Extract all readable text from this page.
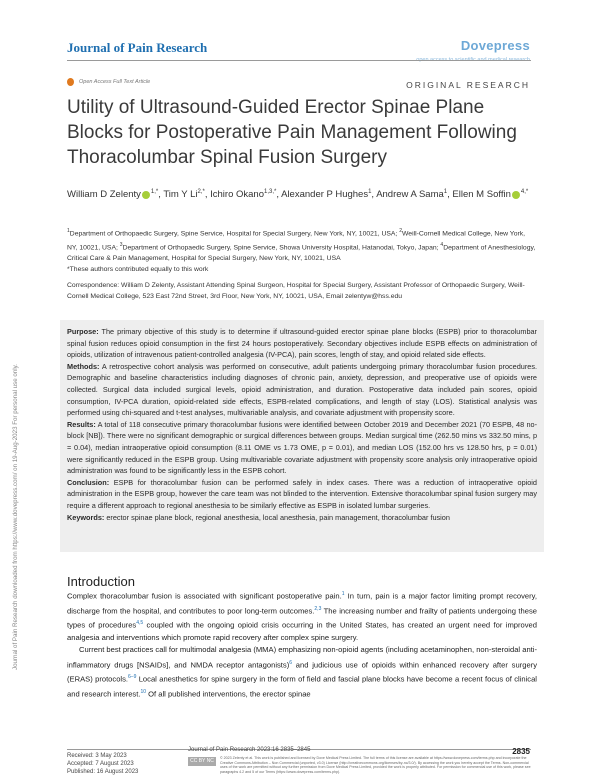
Journal of Pain Research	Dovepress
open access to scientific and medical research
Open Access Full Text Article	ORIGINAL RESEARCH
Utility of Ultrasound-Guided Erector Spinae Plane Blocks for Postoperative Pain Management Following Thoracolumbar Spinal Fusion Surgery
William D Zelenty $^{1,*}$, Tim Y $Li^{2,*}$, Ichiro Okano$^{1,3,*}$, Alexander P Hughes$^1$, Andrew A Sama$^1$, Ellen M Soffin $^{4,*}$
$^1$Department of Orthopaedic Surgery, Spine Service, Hospital for Special Surgery, New York, NY, 10021, USA; $^2$Weill-Cornell Medical College, New York, NY, 10021, USA; $^3$Department of Orthopaedic Surgery, Spine Service, Showa University Hospital, Hatanodai, Tokyo, Japan; $^4$Department of Anesthesiology, Critical Care & Pain Management, Hospital for Special Surgery, New York, NY, 10021, USA
*These authors contributed equally to this work
Correspondence: William D Zelenty, Assistant Attending Spinal Surgeon, Hospital for Special Surgery, Assistant Professor of Orthopaedic Surgery, Weill-Cornell Medical College, 523 East 72nd Street, 3rd Floor, New York, NY, 10021, USA, Email zelentyw@hss.edu

Purpose: The primary objective of this study is to determine if ultrasound-guided erector spinae plane blocks (ESPB) prior to thoracolumbar spinal fusion reduces opioid consumption in the first 24 hours postoperatively. Secondary objectives include ESPB effects on administration of opioids, utilization of intravenous patient-controlled analgesia (IV-PCA), pain scores, length of stay, and opioid related side effects.

Methods: A retrospective cohort analysis was performed on consecutive, adult patients undergoing primary thoracolumbar fusion procedures. Demographic and baseline characteristics including diagnoses of chronic pain, anxiety, depression, and preoperative use of opioids were collected. Surgical data included surgical levels, opioid administration, and duration. Postoperative data included pain scores, opioid consumption, IV-PCA duration, opioid-related side effects, ESPB-related complications, and length of stay (LOS). Statistical analysis was performed using chi-squared and t-test analyses, multivariable analysis, and covariate adjustment with propensity score.

Results: A total of 118 consecutive primary thoracolumbar fusions were identified between October 2019 and December 2021 (70 ESPB, 48 no-block [NB]). There were no significant demographic or surgical differences between groups. Median surgical time (262.50 mins vs 332.50 mins, p = 0.04), median intraoperative opioid consumption (8.11 OME vs 1.73 OME, p = 0.01), and median LOS (152.00 hrs vs 128.50 hrs, p = 0.01) were significantly reduced in the ESPB group. Using multivariable covariate adjustment with propensity score analysis only intraoperative opioid administration was found to be significantly less in the ESPB cohort.

Conclusion: ESPB for thoracolumbar fusion can be performed safely in index cases. There was a reduction of intraoperative opioid administration in the ESPB group, however the care team was not blinded to the intervention. Extensive thoracolumbar spinal fusion surgery may require a different approach to regional anesthesia to be similarly effective as ESPB in isolated lumbar surgeries.

Keywords: erector spinae plane block, regional anesthesia, local anesthesia, pain management, thoracolumbar fusion

Introduction

Complex thoracolumbar fusion is associated with significant postoperative pain.$^1$ In turn, pain is a major factor limiting prompt recovery, discharge from the hospital, and contributes to poor long-term outcomes.$^{2,3}$ The increasing number and frailty of patients undergoing these types of procedures$^{4,5}$ coupled with the ongoing opioid crisis occurring in the United States, has created an urgent need for improved analgesia and interventions which promote rapid recovery after complex spine surgery.

Current best practices call for multimodal analgesia (MMA) emphasizing non-opioid agents (including acetaminophen, non-steroidal anti-inflammatory drugs [NSAIDs], and NMDA receptor antagonists)$^6$ and judicious use of opioids within enhanced recovery after surgery (ERAS) protocols.$^{6-9}$ Local anesthetics for spine surgery in the form of field and fascial plane blocks have become a recent focus of clinical and research interest.$^{10}$ Of all published interventions, the erector spinae

Journal of Pain Research downloaded from https://www.dovepress.com/ on 19-Aug-2023 For personal use only.
Received: 3 May 2023
Accepted: 7 August 2023
Published: 16 August 2023
Journal of Pain Research 2023:16 2835–2845	2835
CC BY NC	© 2023 Zelenty et al. This work is published and licensed by Dove Medical Press Limited. The full terms of this license are available at https://www.dovepress.com/terms.php and incorporate the Creative Commons Attribution – Non Commercial (unported, v3.0) License (http://creativecommons.org/licenses/by-nc/3.0/). By accessing the work you hereby accept the Terms. Non-commercial uses of the work are permitted without any further permission from Dove Medical Press Limited, provided the work is properly attributed. For permission for commercial use of this work, please see paragraphs 4.2 and 5 of our Terms (https://www.dovepress.com/terms.php).
